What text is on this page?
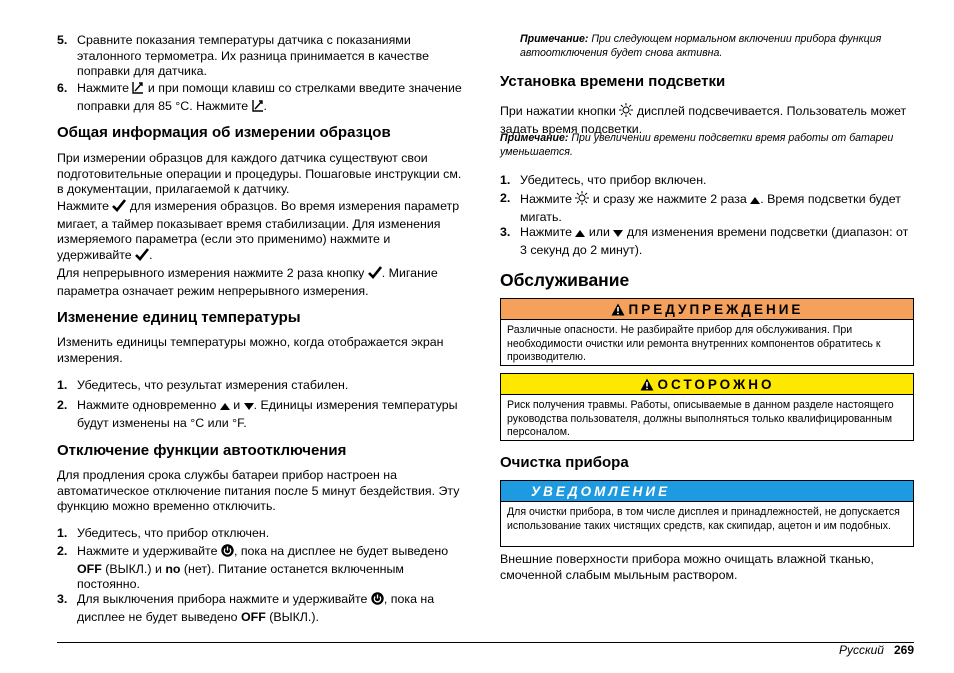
5. Сравните показания температуры датчика с показаниями эталонного термометра. Их разница принимается в качестве поправки для датчика.
6. Нажмите  и при помощи клавиш со стрелками введите значение поправки для 85 °C. Нажмите .
Общая информация об измерении образцов

При измерении образцов для каждого датчика существуют свои подготовительные операции и процедуры. Пошаговые инструкции см. в документации, прилагаемой к датчику.

Нажмите  для измерения образцов. Во время измерения параметр мигает, а таймер показывает время стабилизации. Для изменения измеряемого параметра (если это применимо) нажмите и удерживайте .

Для непрерывного измерения нажмите 2 раза кнопку . Мигание параметра означает режим непрерывного измерения.

Изменение единиц температуры

Изменить единицы температуры можно, когда отображается экран измерения.

1. Убедитесь, что результат измерения стабилен.
2. Нажмите одновременно  и . Единицы измерения температуры будут изменены на °C или °F.
Отключение функции автоотключения

Для продления срока службы батареи прибор настроен на автоматическое отключение питания после 5 минут бездействия. Эту функцию можно временно отключить.

1. Убедитесь, что прибор отключен.
2. Нажмите и удерживайте , пока на дисплее не будет выведено OFF (ВЫКЛ.) и no (нет). Питание останется включенным постоянно.
3. Для выключения прибора нажмите и удерживайте , пока на дисплее не будет выведено OFF (ВЫКЛ.).

Примечание: При следующем нормальном включении прибора функция автоотключения будет снова активна.

Установка времени подсветки

При нажатии кнопки  дисплей подсвечивается. Пользователь может задать время подсветки.

Примечание: При увеличении времени подсветки время работы от батареи уменьшается.

1. Убедитесь, что прибор включен.
2. Нажмите  и сразу же нажмите 2 раза . Время подсветки будет мигать.
3. Нажмите  или  для изменения времени подсветки (диапазон: от 3 секунд до 2 минут).
Обслуживание
ПРЕДУПРЕЖДЕНИЕ
Различные опасности. Не разбирайте прибор для обслуживания. При необходимости очистки или ремонта внутренних компонентов обратитесь к производителю.
ОСТОРОЖНО
Риск получения травмы. Работы, описываемые в данном разделе настоящего руководства пользователя, должны выполняться только квалифицированным персоналом.
Очистка прибора
УВЕДОМЛЕНИЕ
Для очистки прибора, в том числе дисплея и принадлежностей, не допускается использование таких чистящих средств, как скипидар, ацетон и им подобных.

Внешние поверхности прибора можно очищать влажной тканью, смоченной слабым мыльным раствором.

Русский 269
